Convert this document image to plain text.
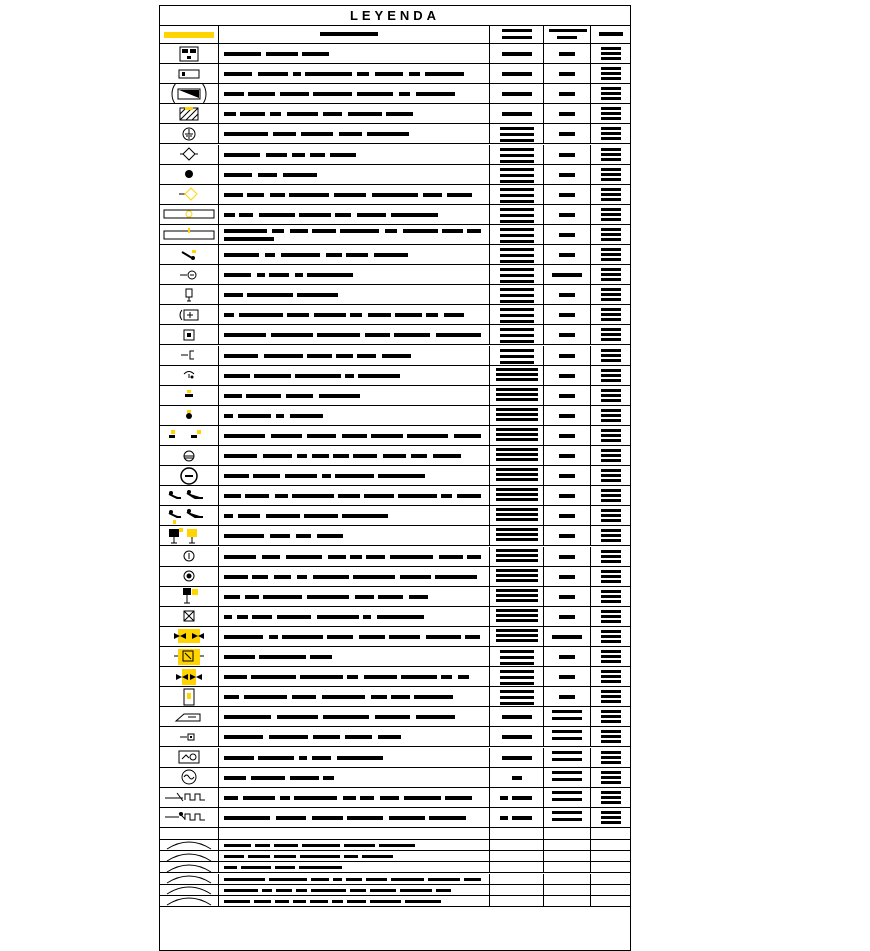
LEYENDA
